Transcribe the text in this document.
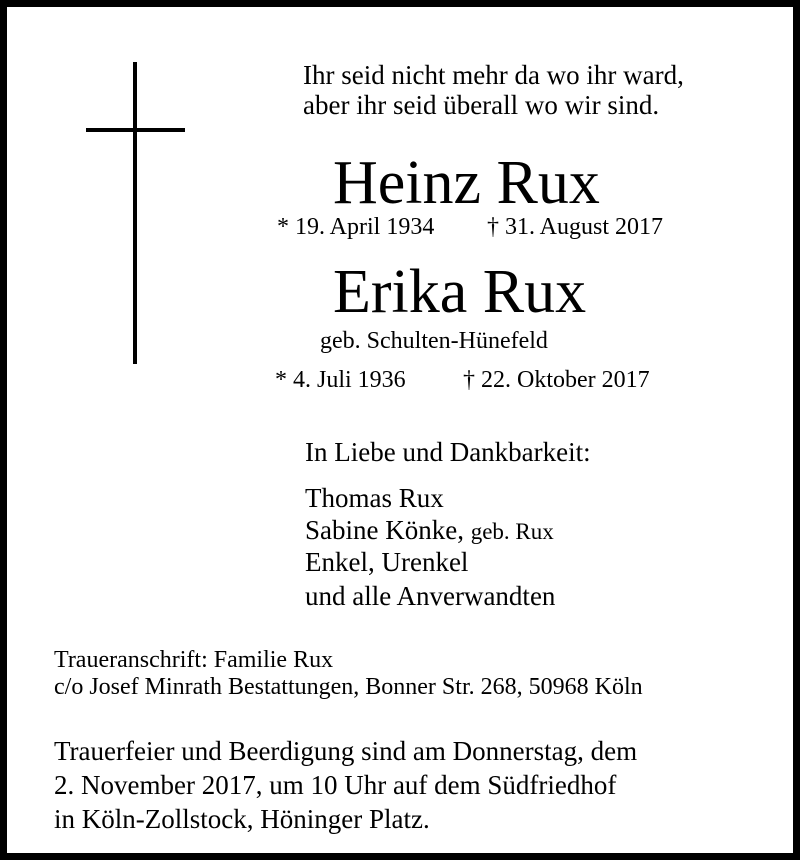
Ihr seid nicht mehr da wo ihr ward,
aber ihr seid überall wo wir sind.
Heinz Rux
* 19. April 1934 † 31. August 2017
Erika Rux
geb. Schulten-Hünefeld
* 4. Juli 1936 † 22. Oktober 2017
In Liebe und Dankbarkeit:
Thomas Rux
Sabine Könke, geb. Rux
Enkel, Urenkel
und alle Anverwandten
Traueranschrift: Familie Rux
c/o Josef Minrath Bestattungen, Bonner Str. 268, 50968 Köln
Trauerfeier und Beerdigung sind am Donnerstag, dem
2. November 2017, um 10 Uhr auf dem Südfriedhof
in Köln-Zollstock, Höninger Platz.
